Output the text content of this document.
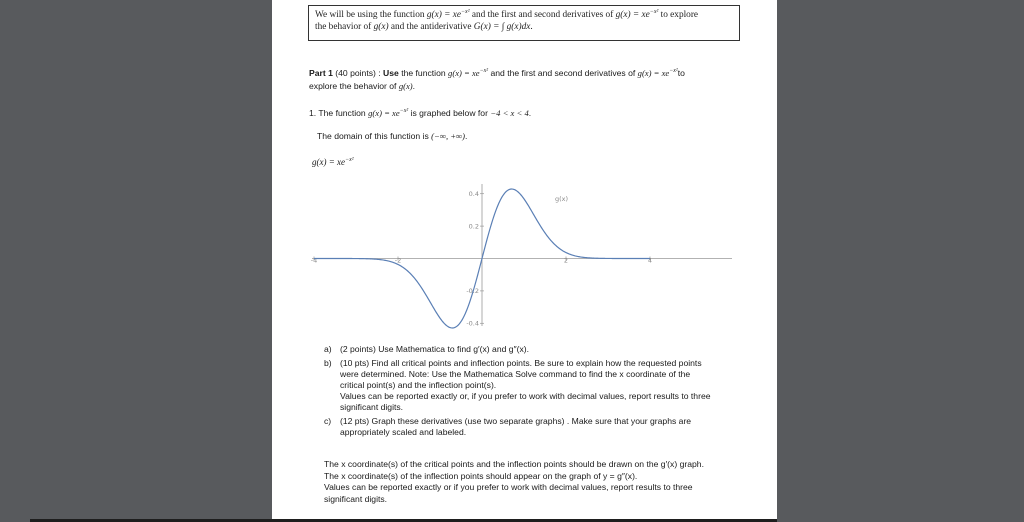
We will be using the function $g(x) = xe^{-x^2}$ and the first and second derivatives of $g(x) = xe^{-x^2}$ to explore
the behavior of g(x) and the antiderivative G(x) = ∫ g(x)dx.
Part 1 (40 points) : Use the function $g(x) = xe^{-x^2}$ and the first and second derivatives of $g(x) = xe^{-x^2}to$
explore the behavior of g(x).
1. The function $g(x) = xe^{-x^2}$ is graphed below for −4 < x < 4.
The domain of this function is (−∞, +∞).
$g(x) = xe^{-x^2}$
-4	-2	2	4
0.4
0.2
-0.2
-0.4
g(x)
a) (2 points) Use Mathematica to find g′(x) and g″(x).
b) (10 pts) Find all critical points and inflection points. Be sure to explain how the requested points
were determined. Note: Use the Mathematica Solve command to find the x coordinate of the
critical point(s) and the inflection point(s).
Values can be reported exactly or, if you prefer to work with decimal values, report results to three
significant digits.
c) (12 pts) Graph these derivatives (use two separate graphs) . Make sure that your graphs are
appropriately scaled and labeled.
The x coordinate(s) of the critical points and the inflection points should be drawn on the g′(x) graph.
The x coordinate(s) of the inflection points should appear on the graph of y = g″(x).
Values can be reported exactly or if you prefer to work with decimal values, report results to three
significant digits.
